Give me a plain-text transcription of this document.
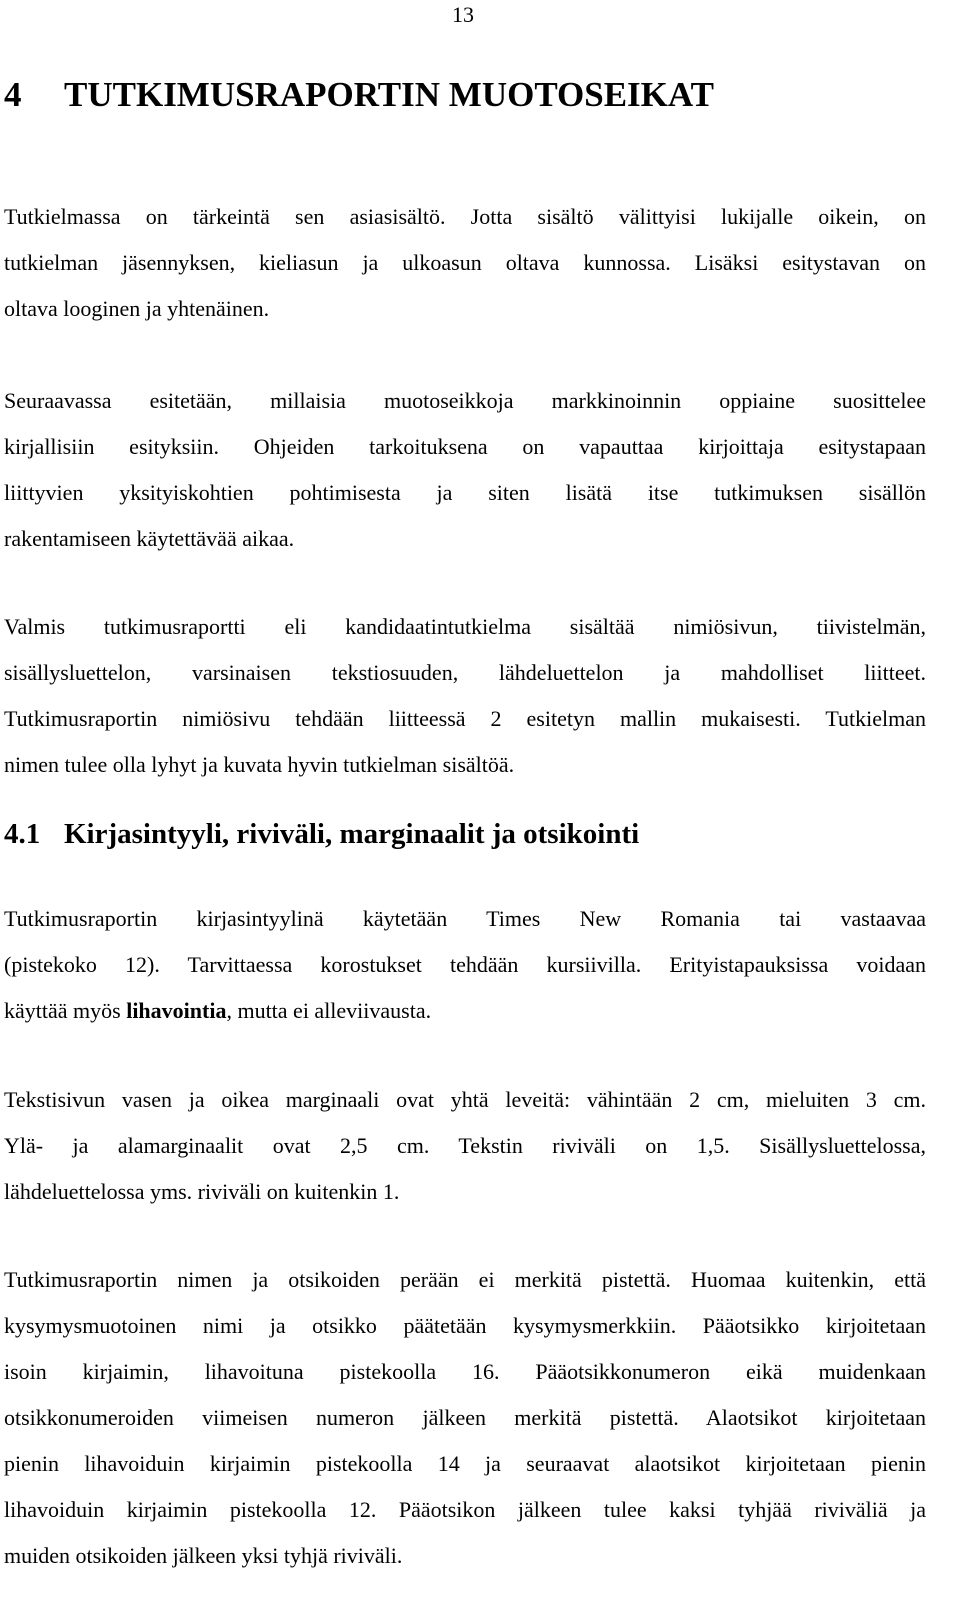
13
4 TUTKIMUSRAPORTIN MUOTOSEIKAT

Tutkielmassa on tärkeintä sen asiasisältö. Jotta sisältö välittyisi lukijalle oikein, on
tutkielman jäsennyksen, kieliasun ja ulkoasun oltava kunnossa. Lisäksi esitystavan on
oltava looginen ja yhtenäinen.

Seuraavassa esitetään, millaisia muotoseikkoja markkinoinnin oppiaine suosittelee
kirjallisiin esityksiin. Ohjeiden tarkoituksena on vapauttaa kirjoittaja esitystapaan
liittyvien yksityiskohtien pohtimisesta ja siten lisätä itse tutkimuksen sisällön
rakentamiseen käytettävää aikaa.

Valmis tutkimusraportti eli kandidaatintutkielma sisältää nimiösivun, tiivistelmän,
sisällysluettelon, varsinaisen tekstiosuuden, lähdeluettelon ja mahdolliset liitteet.
Tutkimusraportin nimiösivu tehdään liitteessä 2 esitetyn mallin mukaisesti. Tutkielman
nimen tulee olla lyhyt ja kuvata hyvin tutkielman sisältöä.

4.1 Kirjasintyyli, riviväli, marginaalit ja otsikointi

Tutkimusraportin kirjasintyylinä käytetään Times New Romania tai vastaavaa
(pistekoko 12). Tarvittaessa korostukset tehdään kursiivilla. Erityistapauksissa voidaan
käyttää myös lihavointia, mutta ei alleviivausta.

Tekstisivun vasen ja oikea marginaali ovat yhtä leveitä: vähintään 2 cm, mieluiten 3 cm.
Ylä- ja alamarginaalit ovat 2,5 cm. Tekstin riviväli on 1,5. Sisällysluettelossa,
lähdeluettelossa yms. riviväli on kuitenkin 1.

Tutkimusraportin nimen ja otsikoiden perään ei merkitä pistettä. Huomaa kuitenkin, että
kysymysmuotoinen nimi ja otsikko päätetään kysymysmerkkiin. Pääotsikko kirjoitetaan
isoin kirjaimin, lihavoituna pistekoolla 16. Pääotsikkonumeron eikä muidenkaan
otsikkonumeroiden viimeisen numeron jälkeen merkitä pistettä. Alaotsikot kirjoitetaan
pienin lihavoiduin kirjaimin pistekoolla 14 ja seuraavat alaotsikot kirjoitetaan pienin
lihavoiduin kirjaimin pistekoolla 12. Pääotsikon jälkeen tulee kaksi tyhjää riviväliä ja
muiden otsikoiden jälkeen yksi tyhjä riviväli.
